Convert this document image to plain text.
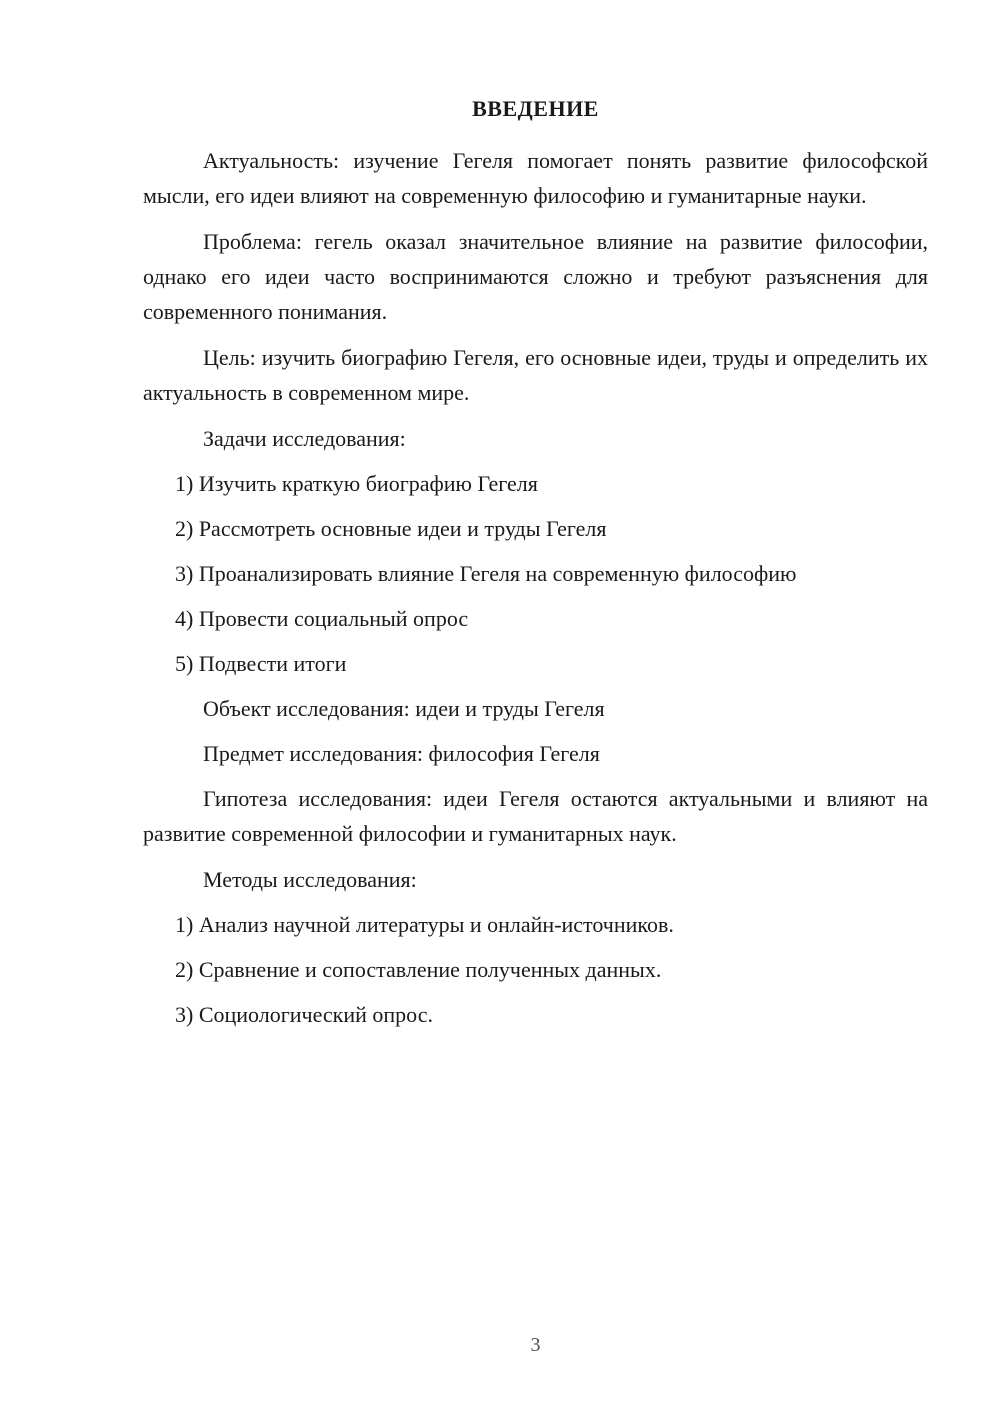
ВВЕДЕНИЕ

Актуальность: изучение Гегеля помогает понять развитие философской мысли, его идеи влияют на современную философию и гуманитарные науки.

Проблема: гегель оказал значительное влияние на развитие философии, однако его идеи часто воспринимаются сложно и требуют разъяснения для современного понимания.

Цель: изучить биографию Гегеля, его основные идеи, труды и определить их актуальность в современном мире.

Задачи исследования:

1) Изучить краткую биографию Гегеля

2) Рассмотреть основные идеи и труды Гегеля

3) Проанализировать влияние Гегеля на современную философию

4) Провести социальный опрос

5) Подвести итоги

Объект исследования: идеи и труды Гегеля

Предмет исследования: философия Гегеля

Гипотеза исследования: идеи Гегеля остаются актуальными и влияют на развитие современной философии и гуманитарных наук.

Методы исследования:

1) Анализ научной литературы и онлайн-источников.

2) Сравнение и сопоставление полученных данных.

3) Социологический опрос.

3
